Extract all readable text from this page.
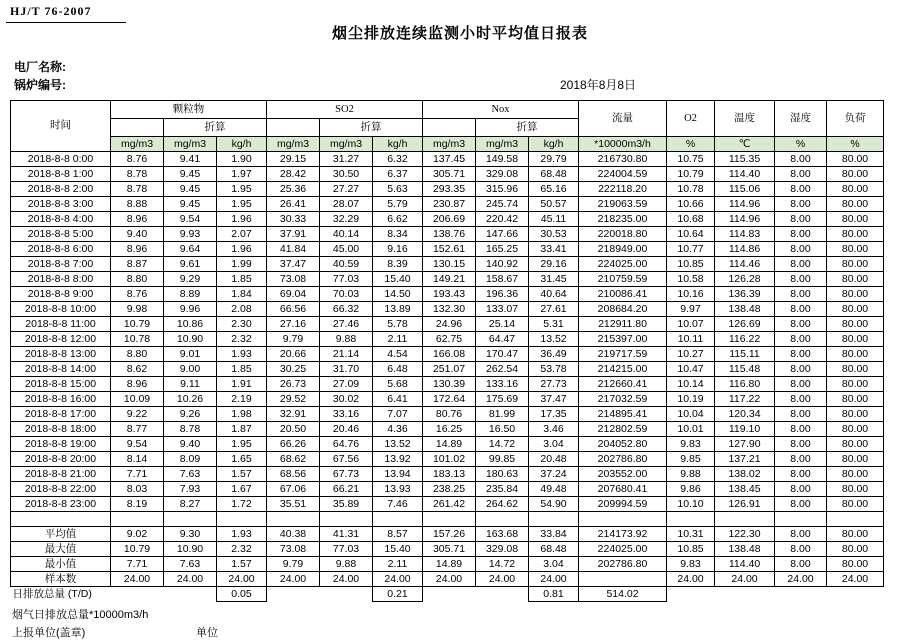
HJ/T 76-2007
烟尘排放连续监测小时平均值日报表
电厂名称:
锅炉编号:	2018年8月8日
时间	颗粒物			SO2			Nox			流量	O2	温度	湿度	负荷
		折算			折算			折算						
	mg/m3	mg/m3	kg/h	mg/m3	mg/m3	kg/h	mg/m3	mg/m3	kg/h	*10000m3/h	%	℃	%	%
2018-8-8 0:00	8.76	9.41	1.90	29.15	31.27	6.32	137.45	149.58	29.79	216730.80	10.75	115.35	8.00	80.00
2018-8-8 1:00	8.78	9.45	1.97	28.42	30.50	6.37	305.71	329.08	68.48	224004.59	10.79	114.40	8.00	80.00
2018-8-8 2:00	8.78	9.45	1.95	25.36	27.27	5.63	293.35	315.96	65.16	222118.20	10.78	115.06	8.00	80.00
2018-8-8 3:00	8.88	9.45	1.95	26.41	28.07	5.79	230.87	245.74	50.57	219063.59	10.66	114.96	8.00	80.00
2018-8-8 4:00	8.96	9.54	1.96	30.33	32.29	6.62	206.69	220.42	45.11	218235.00	10.68	114.96	8.00	80.00
2018-8-8 5:00	9.40	9.93	2.07	37.91	40.14	8.34	138.76	147.66	30.53	220018.80	10.64	114.83	8.00	80.00
2018-8-8 6:00	8.96	9.64	1.96	41.84	45.00	9.16	152.61	165.25	33.41	218949.00	10.77	114.86	8.00	80.00
2018-8-8 7:00	8.87	9.61	1.99	37.47	40.59	8.39	130.15	140.92	29.16	224025.00	10.85	114.46	8.00	80.00
2018-8-8 8:00	8.80	9.29	1.85	73.08	77.03	15.40	149.21	158.67	31.45	210759.59	10.58	126.28	8.00	80.00
2018-8-8 9:00	8.76	8.89	1.84	69.04	70.03	14.50	193.43	196.36	40.64	210086.41	10.16	136.39	8.00	80.00
2018-8-8 10:00	9.98	9.96	2.08	66.56	66.32	13.89	132.30	133.07	27.61	208684.20	9.97	138.48	8.00	80.00
2018-8-8 11:00	10.79	10.86	2.30	27.16	27.46	5.78	24.96	25.14	5.31	212911.80	10.07	126.69	8.00	80.00
2018-8-8 12:00	10.78	10.90	2.32	9.79	9.88	2.11	62.75	64.47	13.52	215397.00	10.11	116.22	8.00	80.00
2018-8-8 13:00	8.80	9.01	1.93	20.66	21.14	4.54	166.08	170.47	36.49	219717.59	10.27	115.11	8.00	80.00
2018-8-8 14:00	8.62	9.00	1.85	30.25	31.70	6.48	251.07	262.54	53.78	214215.00	10.47	115.48	8.00	80.00
2018-8-8 15:00	8.96	9.11	1.91	26.73	27.09	5.68	130.39	133.16	27.73	212660.41	10.14	116.80	8.00	80.00
2018-8-8 16:00	10.09	10.26	2.19	29.52	30.02	6.41	172.64	175.69	37.47	217032.59	10.19	117.22	8.00	80.00
2018-8-8 17:00	9.22	9.26	1.98	32.91	33.16	7.07	80.76	81.99	17.35	214895.41	10.04	120.34	8.00	80.00
2018-8-8 18:00	8.77	8.78	1.87	20.50	20.46	4.36	16.25	16.50	3.46	212802.59	10.01	119.10	8.00	80.00
2018-8-8 19:00	9.54	9.40	1.95	66.26	64.76	13.52	14.89	14.72	3.04	204052.80	9.83	127.90	8.00	80.00
2018-8-8 20:00	8.14	8.09	1.65	68.62	67.56	13.92	101.02	99.85	20.48	202786.80	9.85	137.21	8.00	80.00
2018-8-8 21:00	7.71	7.63	1.57	68.56	67.73	13.94	183.13	180.63	37.24	203552.00	9.88	138.02	8.00	80.00
2018-8-8 22:00	8.03	7.93	1.67	67.06	66.21	13.93	238.25	235.84	49.48	207680.41	9.86	138.45	8.00	80.00
2018-8-8 23:00	8.19	8.27	1.72	35.51	35.89	7.46	261.42	264.62	54.90	209994.59	10.10	126.91	8.00	80.00

平均值	9.02	9.30	1.93	40.38	41.31	8.57	157.26	163.68	33.84	214173.92	10.31	122.30	8.00	80.00
最大值	10.79	10.90	2.32	73.08	77.03	15.40	305.71	329.08	68.48	224025.00	10.85	138.48	8.00	80.00
最小值	7.71	7.63	1.57	9.79	9.88	2.11	14.89	14.72	3.04	202786.80	9.83	114.40	8.00	80.00
样本数	24.00	24.00	24.00	24.00	24.00	24.00	24.00	24.00	24.00		24.00	24.00	24.00	24.00
日排放总量 (T/D)			0.05			0.21			0.81	514.02				
烟气日排放总量*10000m3/h
上报单位(盖章)	单位
